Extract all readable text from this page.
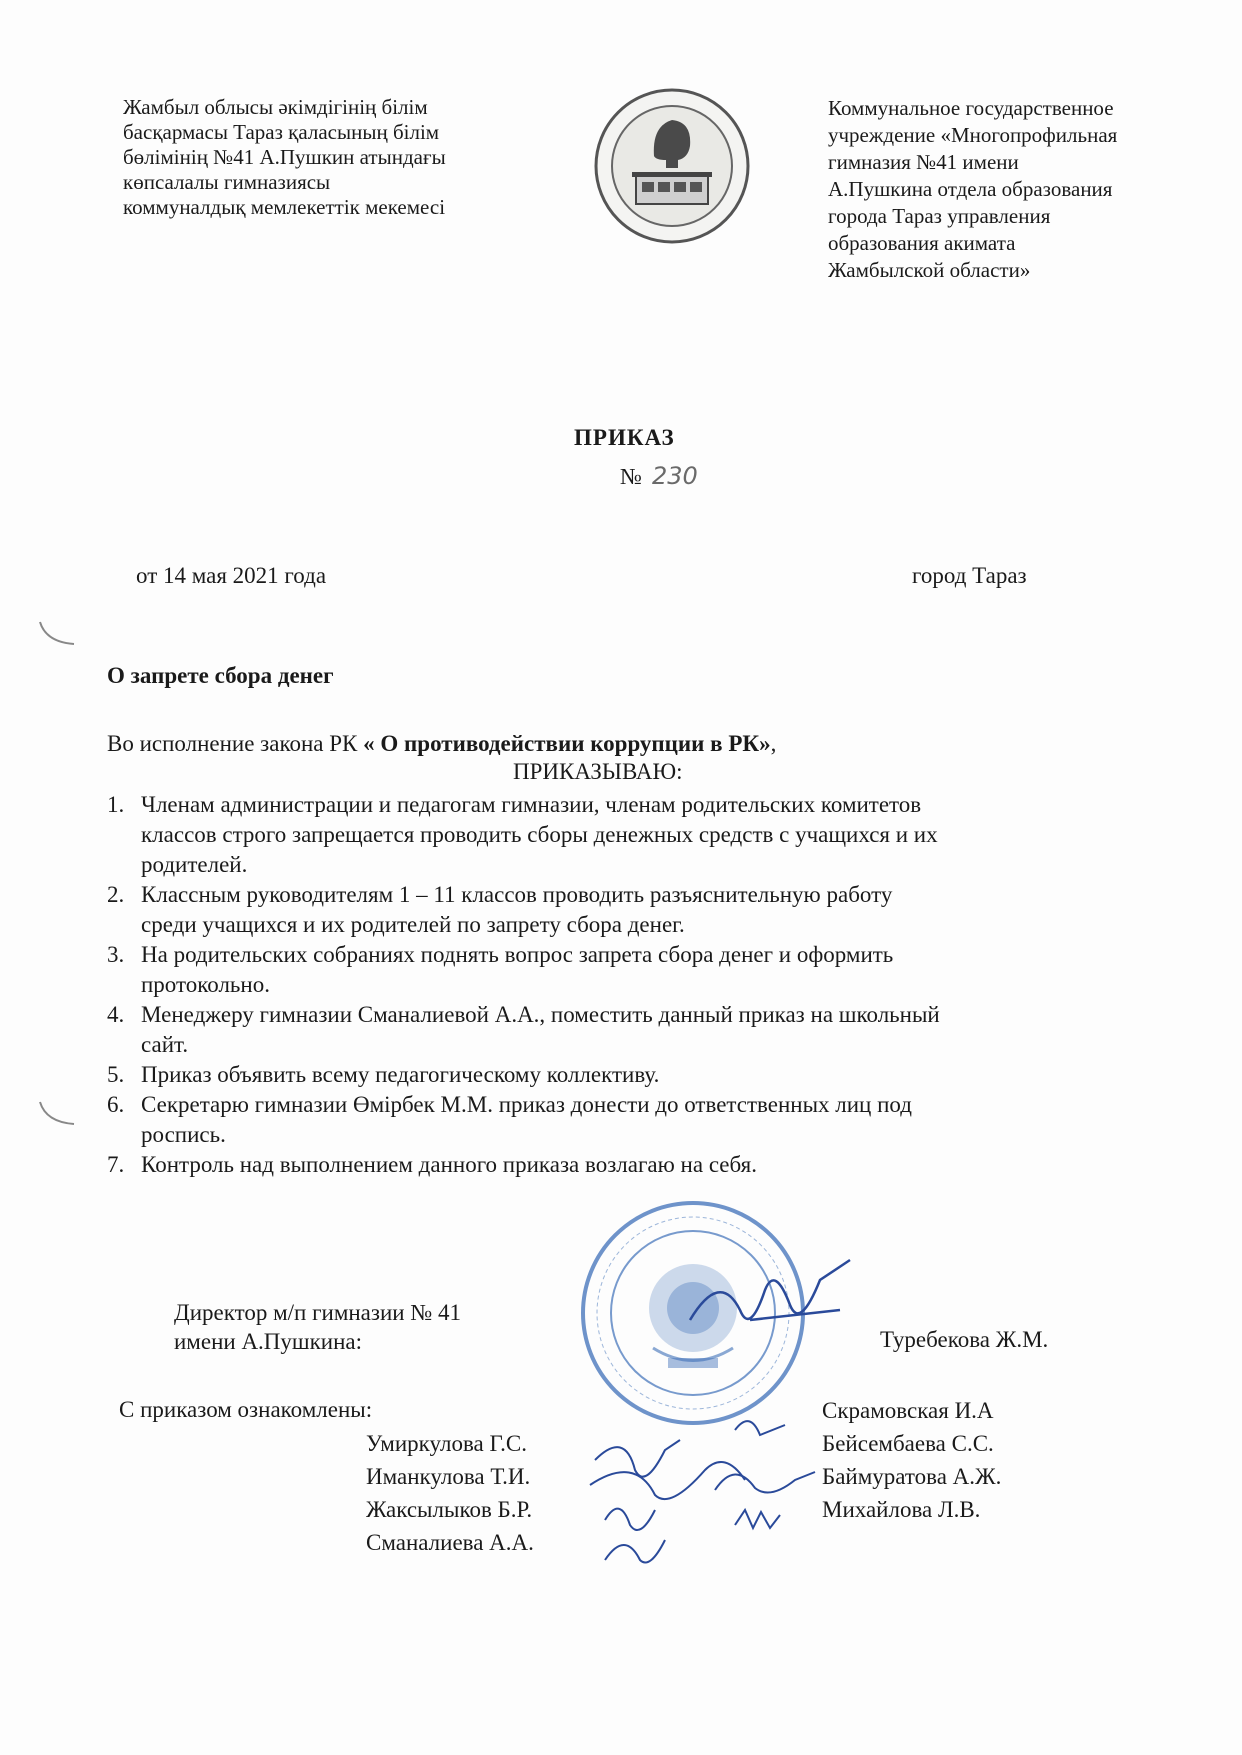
Жамбыл облысы әкімдігінің білім
басқармасы Тараз қаласының білім
бөлімінің №41 А.Пушкин атындағы
көпсалалы гимназиясы
коммуналдық мемлекеттік мекемесі
Коммунальное государственное
учреждение «Многопрофильная
гимназия №41 имени
А.Пушкина отдела образования
города Тараз управления
образования акимата
Жамбылской области»
ПРИКАЗ
№ 230
от 14 мая 2021 года	город Тараз
О запрете сбора денег
Во исполнение закона РК « О противодействии коррупции в РК»,
ПРИКАЗЫВАЮ:
1. Членам администрации и педагогам гимназии, членам родительских комитетов
классов строго запрещается проводить сборы денежных средств с учащихся и их
родителей.
2. Классным руководителям 1 – 11 классов проводить разъяснительную работу
среди учащихся и их родителей по запрету сбора денег.
3. На родительских собраниях поднять вопрос запрета сбора денег и оформить
протокольно.
4. Менеджеру гимназии Сманалиевой А.А., поместить данный приказ на школьный
сайт.
5. Приказ объявить всему педагогическому коллективу.
6. Секретарю гимназии Өмірбек М.М. приказ донести до ответственных лиц под
роспись.
7. Контроль над выполнением данного приказа возлагаю на себя.
Директор м/п гимназии № 41
имени А.Пушкина:	Туребекова Ж.М.
С приказом ознакомлены:
Умиркулова Г.С.
Иманкулова Т.И.
Жаксылыков Б.Р.
Сманалиева А.А.
Скрамовская И.А
Бейсембаева С.С.
Баймуратова А.Ж.
Михайлова Л.В.
